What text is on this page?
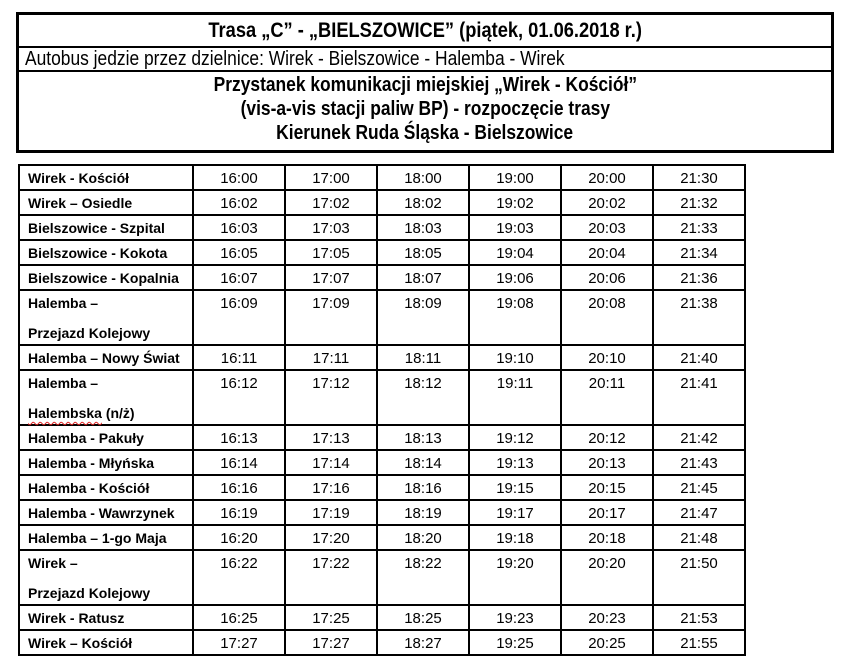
Trasa „C” - „BIELSZOWICE” (piątek, 01.06.2018 r.)
Autobus jedzie przez dzielnice: Wirek - Bielszowice - Halemba - Wirek
Przystanek komunikacji miejskiej „Wirek - Kościół”
(vis-a-vis stacji paliw BP) - rozpoczęcie trasy
Kierunek Ruda Śląska - Bielszowice
Wirek - Kościół	16:00	17:00	18:00	19:00	20:00	21:30

Wirek – Osiedle	16:02	17:02	18:02	19:02	20:02	21:32

Bielszowice - Szpital	16:03	17:03	18:03	19:03	20:03	21:33

Bielszowice - Kokota	16:05	17:05	18:05	19:04	20:04	21:34

Bielszowice - Kopalnia	16:07	17:07	18:07	19:06	20:06	21:36

Halemba –
Przejazd Kolejowy	16:09	17:09	18:09	19:08	20:08	21:38

Halemba – Nowy Świat	16:11	17:11	18:11	19:10	20:10	21:40

Halemba –
Halembska (n/ż)	16:12	17:12	18:12	19:11	20:11	21:41

Halemba - Pakuły	16:13	17:13	18:13	19:12	20:12	21:42

Halemba - Młyńska	16:14	17:14	18:14	19:13	20:13	21:43

Halemba - Kościół	16:16	17:16	18:16	19:15	20:15	21:45

Halemba - Wawrzynek	16:19	17:19	18:19	19:17	20:17	21:47

Halemba – 1-go Maja	16:20	17:20	18:20	19:18	20:18	21:48

Wirek –
Przejazd Kolejowy	16:22	17:22	18:22	19:20	20:20	21:50

Wirek - Ratusz	16:25	17:25	18:25	19:23	20:23	21:53

Wirek – Kościół	17:27	17:27	18:27	19:25	20:25	21:55
